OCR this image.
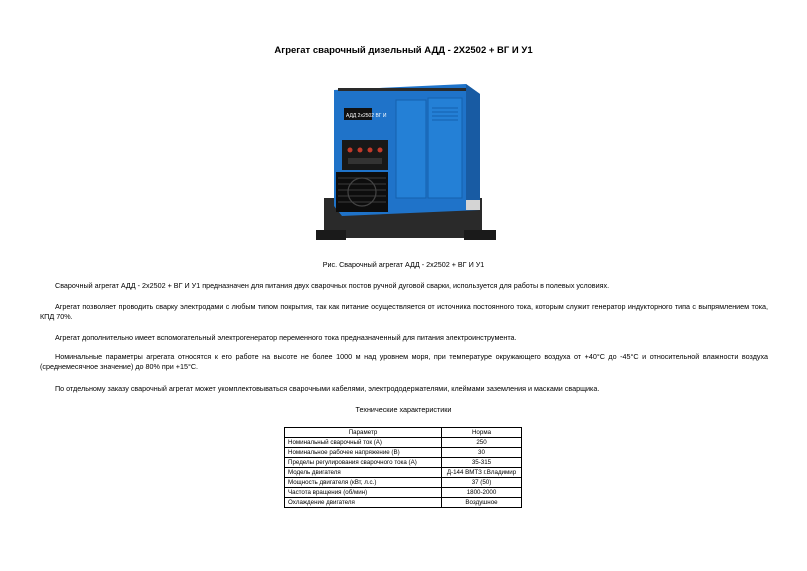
Агрегат сварочный дизельный АДД - 2Х2502 + ВГ И У1
АДД 2х2502 ВГ И
Рис. Сварочный агрегат АДД - 2х2502 + ВГ И У1
Сварочный агрегат АДД - 2х2502 + ВГ И У1 предназначен для питания двух сварочных постов ручной дуговой сварки, используется для работы в полевых условиях.
Агрегат позволяет проводить сварку электродами с любым типом покрытия, так как питание осуществляется от источника постоянного тока, которым служит генератор индукторного типа с выпрямлением тока, КПД 70%.
Агрегат дополнительно имеет вспомогательный электрогенератор переменного тока предназначенный для питания электроинструмента.
Номинальные параметры агрегата относятся к его работе на высоте не более 1000 м над уровнем моря, при температуре окружающего воздуха от +40°С до -45°С и относительной влажности воздуха (среднемесячное значение) до 80% при +15°С.
По отдельному заказу сварочный агрегат может укомплектовываться сварочными кабелями, электрододержателями, клеймами заземления и масками сварщика.
Технические характеристики
Параметр	Норма
Номинальный сварочный ток (А)	250
Номинальное рабочее напряжение (В)	30
Пределы регулирования сварочного тока (А)	35-315
Модель двигателя	Д-144 ВМТЗ г.Владимир
Мощность двигателя (кВт, л.с.)	37 (50)
Частота вращения (об/мин)	1800-2000
Охлаждение двигателя	Воздушное
